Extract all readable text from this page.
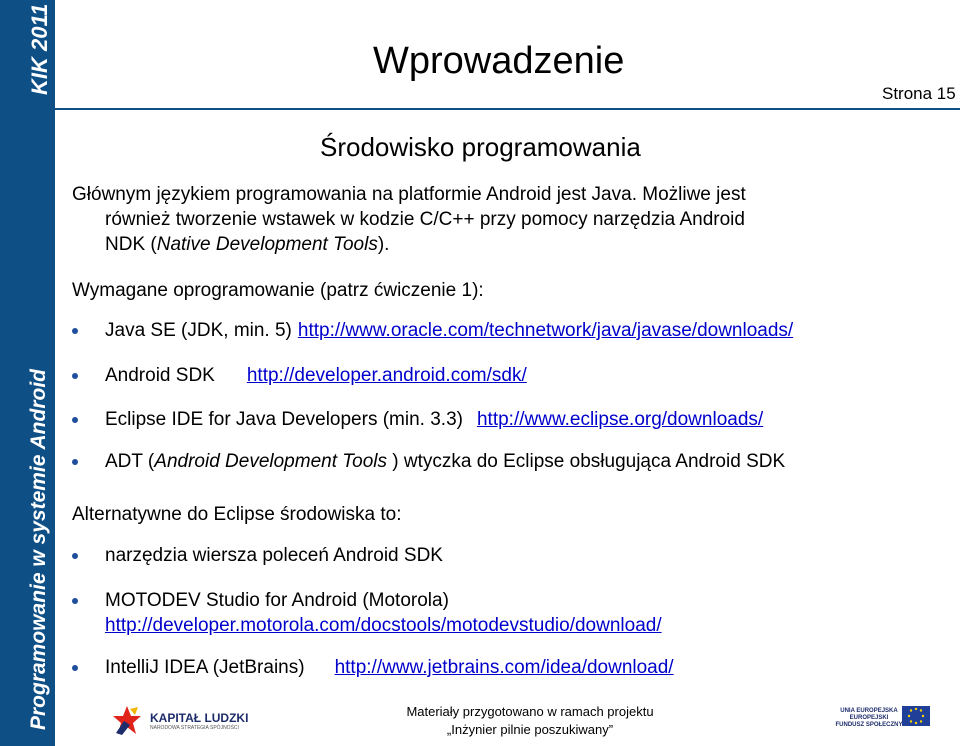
KIK 2011
Programowanie w systemie Android
Wprowadzenie
Strona 15
Środowisko programowania
Głównym językiem programowania na platformie Android jest Java. Możliwe jest
również tworzenie wstawek w kodzie C/C++ przy pomocy narzędzia Android
NDK (Native Development Tools).
Wymagane oprogramowanie (patrz ćwiczenie 1):
Java SE (JDK, min. 5) http://www.oracle.com/technetwork/java/javase/downloads/
Android SDK http://developer.android.com/sdk/
Eclipse IDE for Java Developers (min. 3.3) http://www.eclipse.org/downloads/
ADT (Android Development Tools ) wtyczka do Eclipse obsługująca Android SDK
Alternatywne do Eclipse środowiska to:
narzędzia wiersza poleceń Android SDK
MOTODEV Studio for Android (Motorola)
http://developer.motorola.com/docstools/motodevstudio/download/
IntelliJ IDEA (JetBrains) http://www.jetbrains.com/idea/download/
KAPITAŁ LUDZKI
NARODOWA STRATEGIA SPÓJNOŚCI
Materiały przygotowano w ramach projektu
„Inżynier pilnie poszukiwany”
UNIA EUROPEJSKA
EUROPEJSKI
FUNDUSZ SPOŁECZNY
